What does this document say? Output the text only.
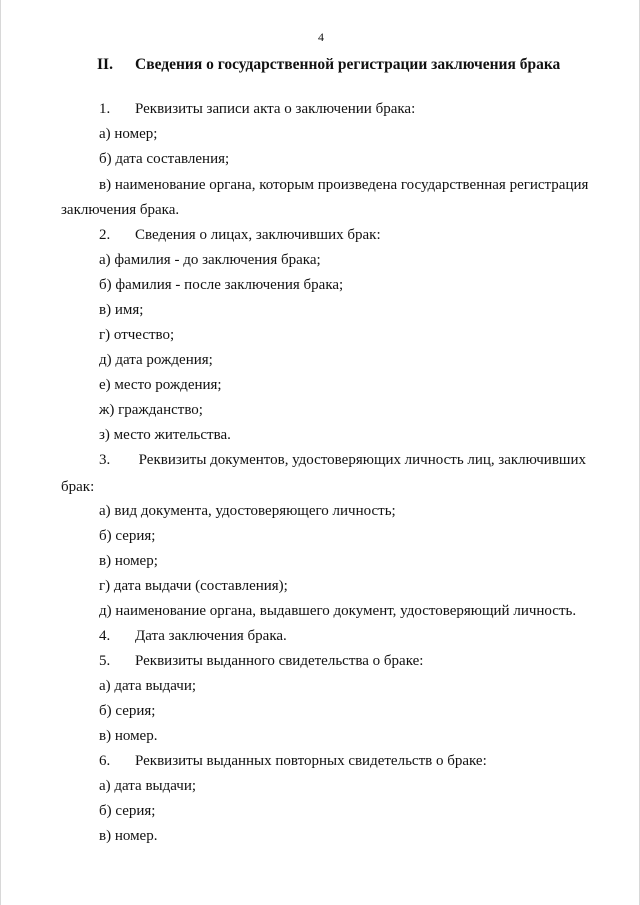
4
II. Сведения о государственной регистрации заключения брака
1. Реквизиты записи акта о заключении брака:
а) номер;
б) дата составления;
в) наименование органа, которым произведена государственная регистрация
заключения брака.
2. Сведения о лицах, заключивших брак:
а) фамилия - до заключения брака;
б) фамилия - после заключения брака;
в) имя;
г) отчество;
д) дата рождения;
е) место рождения;
ж) гражданство;
з) место жительства.
3.	Реквизиты документов, удостоверяющих личность лиц, заключивших
брак:
а) вид документа, удостоверяющего личность;
б) серия;
в) номер;
г) дата выдачи (составления);
д) наименование органа, выдавшего документ, удостоверяющий личность.
4. Дата заключения брака.
5. Реквизиты выданного свидетельства о браке:
а) дата выдачи;
б) серия;
в) номер.
6. Реквизиты выданных повторных свидетельств о браке:
а) дата выдачи;
б) серия;
в) номер.
